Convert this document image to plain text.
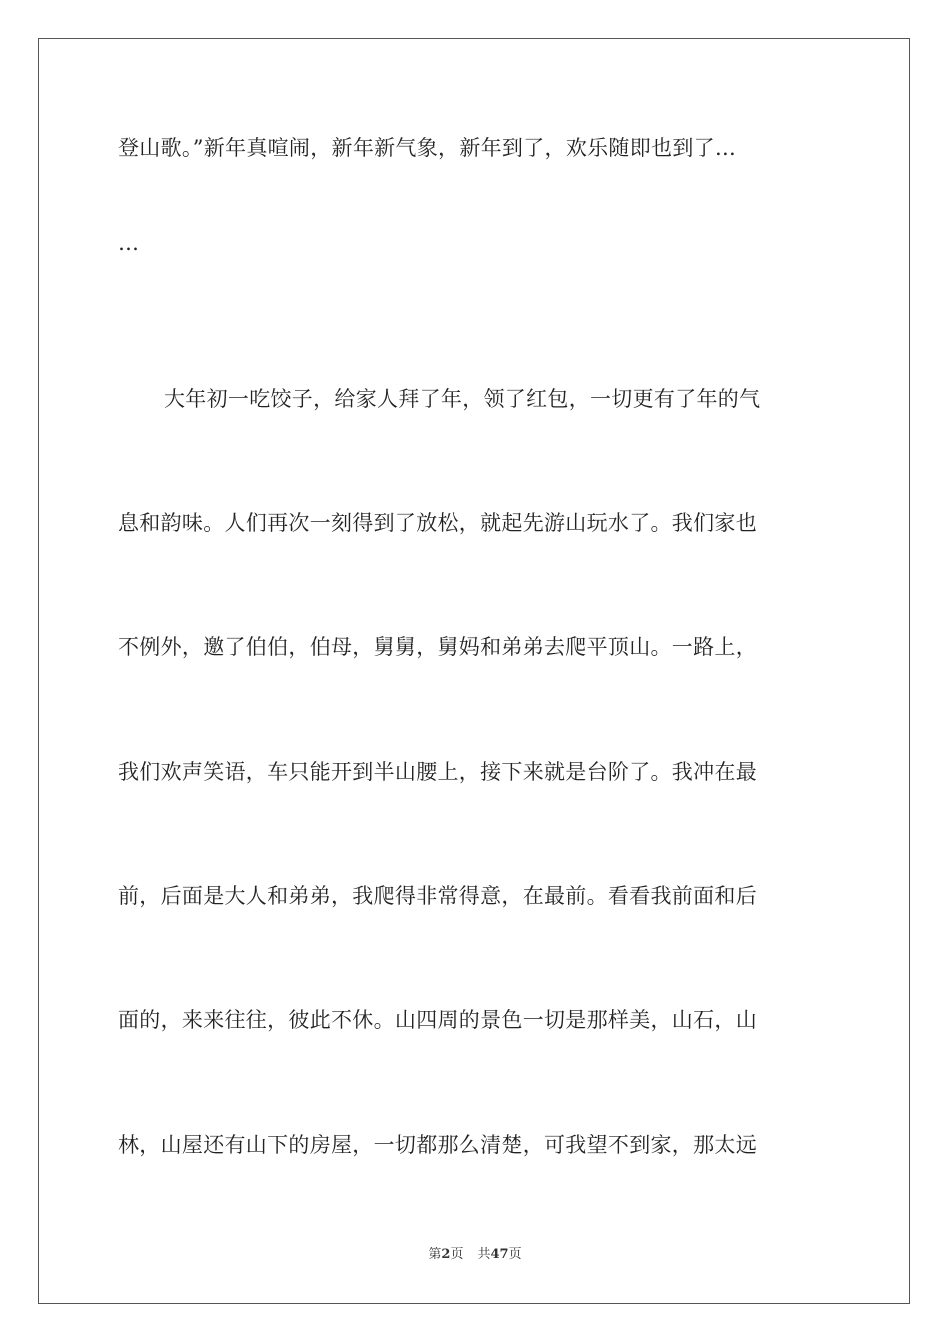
登山歌。”新年真喧闹，新年新气象，新年到了，欢乐随即也到了…
…
大年初一吃饺子，给家人拜了年，领了红包，一切更有了年的气
息和韵味。人们再次一刻得到了放松，就起先游山玩水了。我们家也
不例外，邀了伯伯，伯母，舅舅，舅妈和弟弟去爬平顶山。一路上，
我们欢声笑语，车只能开到半山腰上，接下来就是台阶了。我冲在最
前，后面是大人和弟弟，我爬得非常得意，在最前。看看我前面和后
面的，来来往往，彼此不休。山四周的景色一切是那样美，山石，山
林，山屋还有山下的房屋，一切都那么清楚，可我望不到家，那太远
第2页 共47页
